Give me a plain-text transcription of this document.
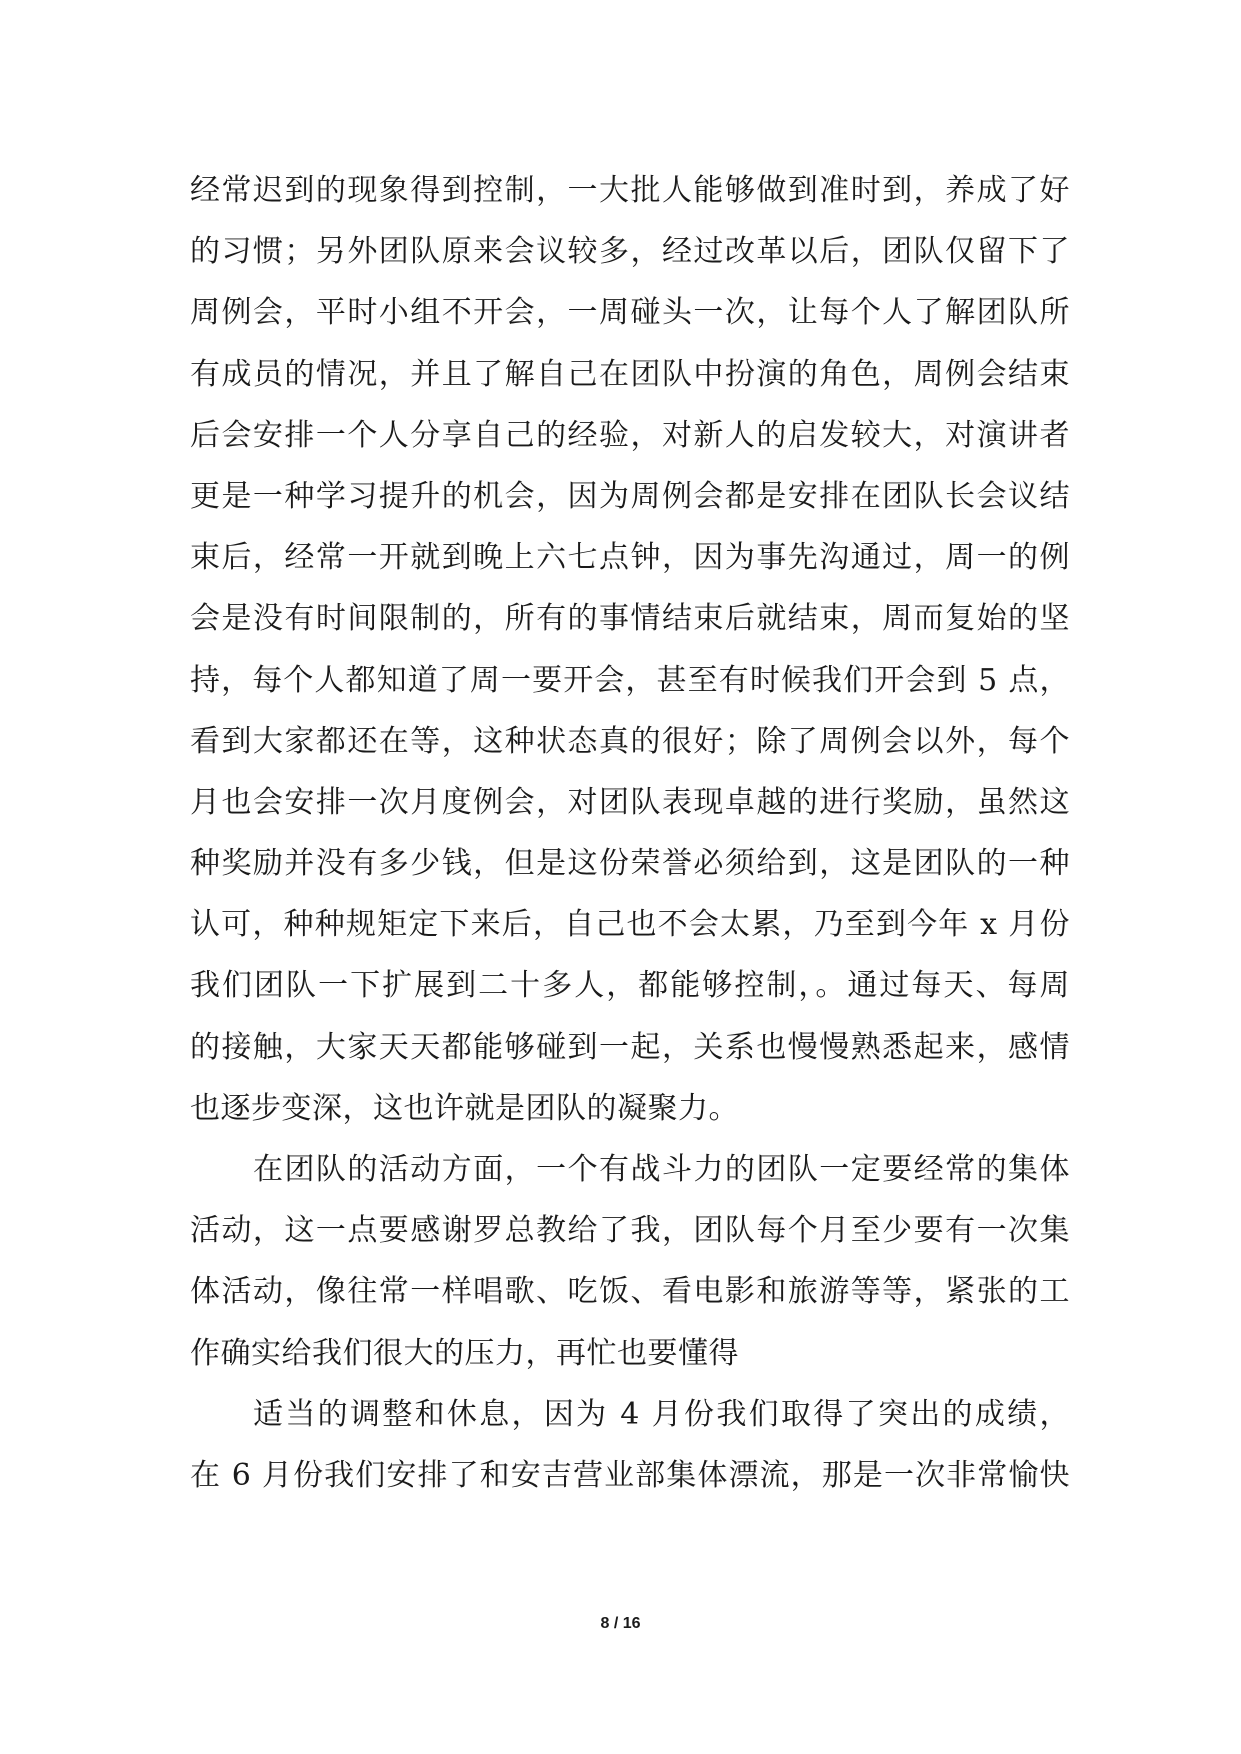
经常迟到的现象得到控制，一大批人能够做到准时到，养成了好
的习惯；另外团队原来会议较多，经过改革以后，团队仅留下了
周例会，平时小组不开会，一周碰头一次，让每个人了解团队所
有成员的情况，并且了解自己在团队中扮演的角色，周例会结束
后会安排一个人分享自己的经验，对新人的启发较大，对演讲者
更是一种学习提升的机会，因为周例会都是安排在团队长会议结
束后，经常一开就到晚上六七点钟，因为事先沟通过，周一的例
会是没有时间限制的，所有的事情结束后就结束，周而复始的坚
持，每个人都知道了周一要开会，甚至有时候我们开会到 5 点，
看到大家都还在等，这种状态真的很好；除了周例会以外，每个
月也会安排一次月度例会，对团队表现卓越的进行奖励，虽然这
种奖励并没有多少钱，但是这份荣誉必须给到，这是团队的一种
认可，种种规矩定下来后，自己也不会太累，乃至到今年 x 月份
我们团队一下扩展到二十多人，都能够控制，。通过每天、每周
的接触，大家天天都能够碰到一起，关系也慢慢熟悉起来，感情
也逐步变深，这也许就是团队的凝聚力。
在团队的活动方面，一个有战斗力的团队一定要经常的集体
活动，这一点要感谢罗总教给了我，团队每个月至少要有一次集
体活动，像往常一样唱歌、吃饭、看电影和旅游等等，紧张的工
作确实给我们很大的压力，再忙也要懂得
适当的调整和休息，因为 4 月份我们取得了突出的成绩，
在 6 月份我们安排了和安吉营业部集体漂流，那是一次非常愉快
8 / 16
